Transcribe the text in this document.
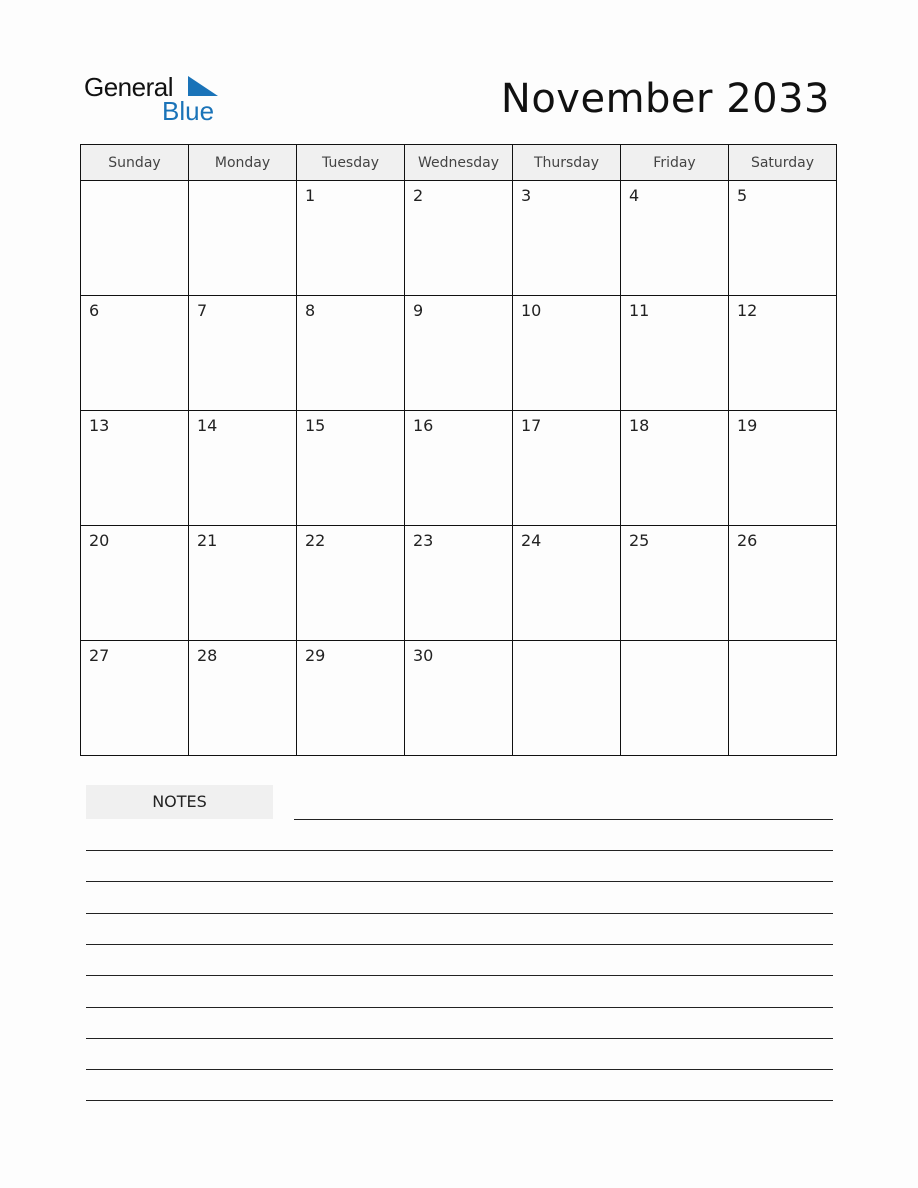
General
Blue	November 2033
Sunday	Monday	Tuesday	Wednesday	Thursday	Friday	Saturday

		1	2	3	4	5

6	7	8	9	10	11	12

13	14	15	16	17	18	19

20	21	22	23	24	25	26

27	28	29	30			

NOTES
